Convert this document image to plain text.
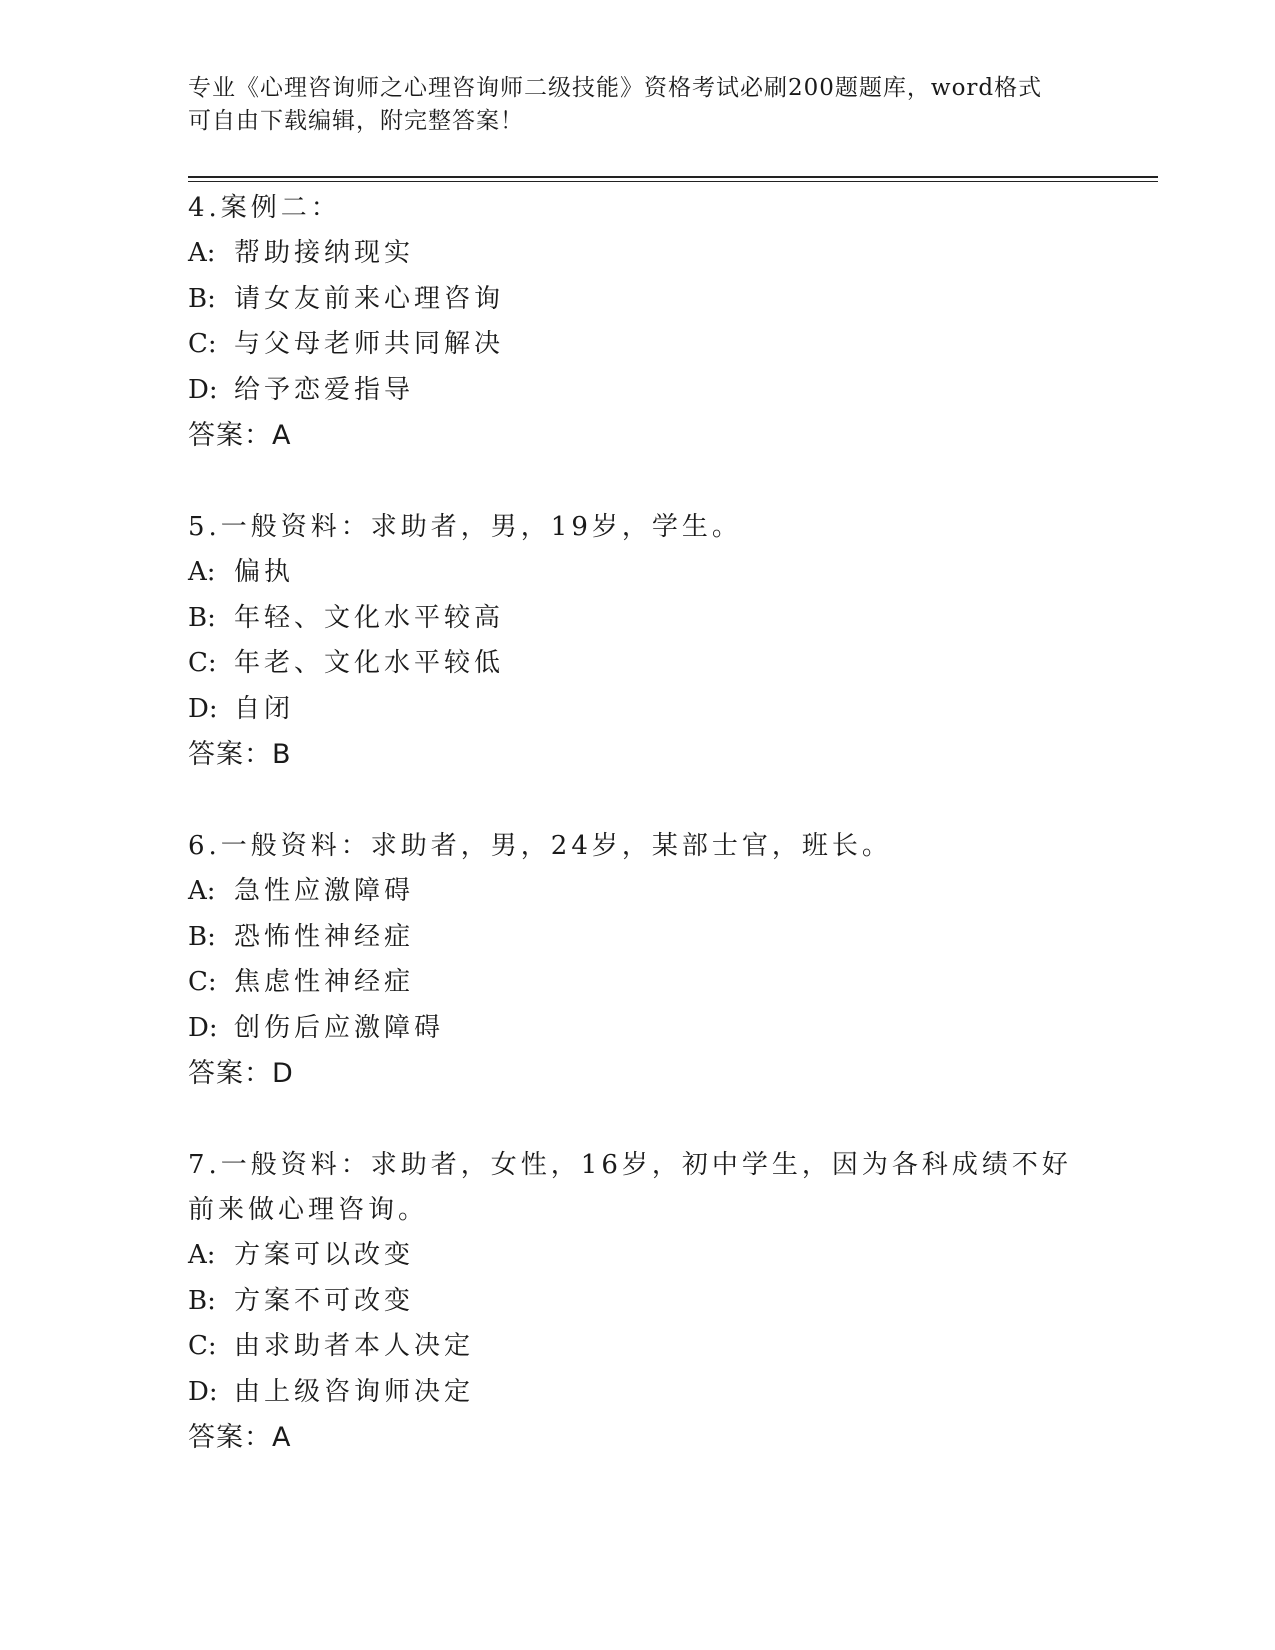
专业《心理咨询师之心理咨询师二级技能》资格考试必刷200题题库，word格式
可自由下载编辑，附完整答案！
4.案例二：
A: 帮助接纳现实
B: 请女友前来心理咨询
C: 与父母老师共同解决
D: 给予恋爱指导
答案：A
5.一般资料：求助者，男，19岁，学生。
A: 偏执
B: 年轻、文化水平较高
C: 年老、文化水平较低
D: 自闭
答案：B
6.一般资料：求助者，男，24岁，某部士官，班长。
A: 急性应激障碍
B: 恐怖性神经症
C: 焦虑性神经症
D: 创伤后应激障碍
答案：D
7.一般资料：求助者，女性，16岁，初中学生，因为各科成绩不好前来做心理咨询。
A: 方案可以改变
B: 方案不可改变
C: 由求助者本人决定
D: 由上级咨询师决定
答案：A
